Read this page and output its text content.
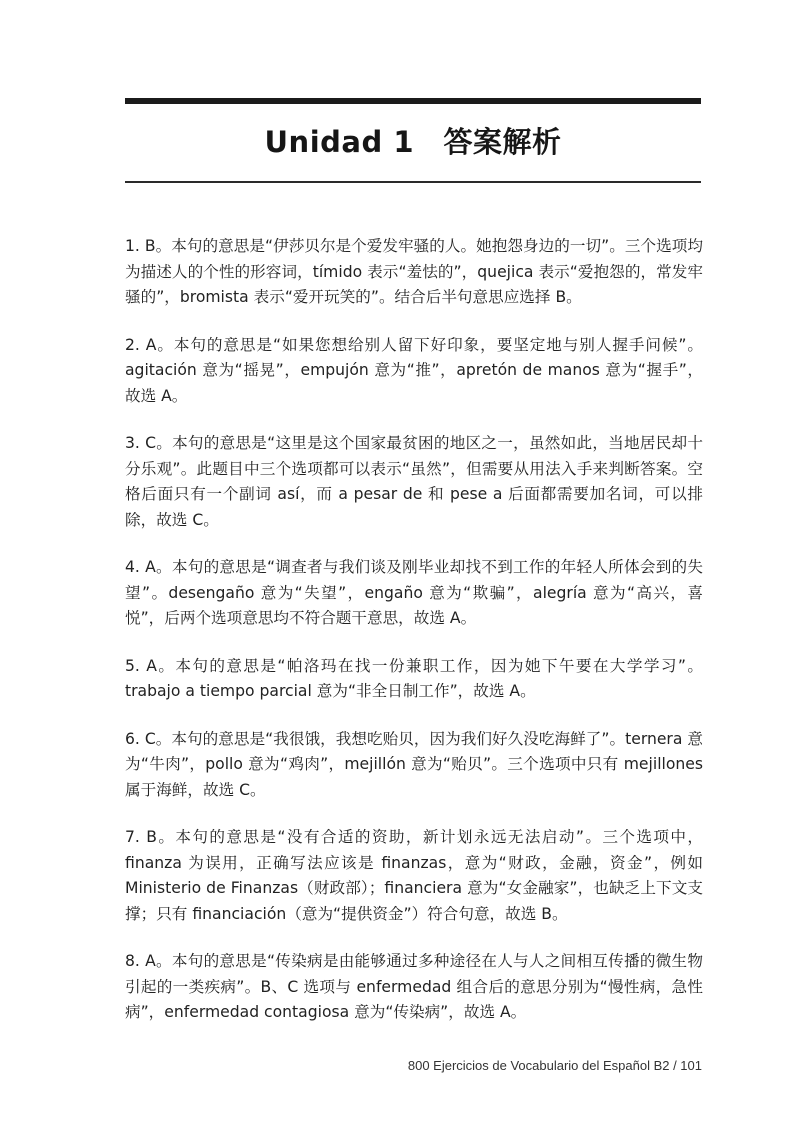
Unidad 1　答案解析

1. B。本句的意思是“伊莎贝尔是个爱发牢骚的人。她抱怨身边的一切”。三个选项均为描述人的个性的形容词，tímido 表示“羞怯的”，quejica 表示“爱抱怨的，常发牢骚的”，bromista 表示“爱开玩笑的”。结合后半句意思应选择 B。

2. A。本句的意思是“如果您想给别人留下好印象，要坚定地与别人握手问候”。agitación 意为“摇晃”，empujón 意为“推”，apretón de manos 意为“握手”，故选 A。

3. C。本句的意思是“这里是这个国家最贫困的地区之一，虽然如此，当地居民却十分乐观”。此题目中三个选项都可以表示“虽然”，但需要从用法入手来判断答案。空格后面只有一个副词 así，而 a pesar de 和 pese a 后面都需要加名词，可以排除，故选 C。

4. A。本句的意思是“调查者与我们谈及刚毕业却找不到工作的年轻人所体会到的失望”。desengaño 意为“失望”，engaño 意为“欺骗”，alegría 意为“高兴，喜悦”，后两个选项意思均不符合题干意思，故选 A。

5. A。本句的意思是“帕洛玛在找一份兼职工作，因为她下午要在大学学习”。trabajo a tiempo parcial 意为“非全日制工作”，故选 A。

6. C。本句的意思是“我很饿，我想吃贻贝，因为我们好久没吃海鲜了”。ternera 意为“牛肉”，pollo 意为“鸡肉”，mejillón 意为“贻贝”。三个选项中只有 mejillones 属于海鲜，故选 C。

7. B。本句的意思是“没有合适的资助，新计划永远无法启动”。三个选项中，finanza 为误用，正确写法应该是 finanzas，意为“财政，金融，资金”，例如 Ministerio de Finanzas（财政部）；financiera 意为“女金融家”，也缺乏上下文支撑；只有 financiación（意为“提供资金”）符合句意，故选 B。

8. A。本句的意思是“传染病是由能够通过多种途径在人与人之间相互传播的微生物引起的一类疾病”。B、C 选项与 enfermedad 组合后的意思分别为“慢性病，急性病”，enfermedad contagiosa 意为“传染病”，故选 A。

800 Ejercicios de Vocabulario del Español B2 / 101
